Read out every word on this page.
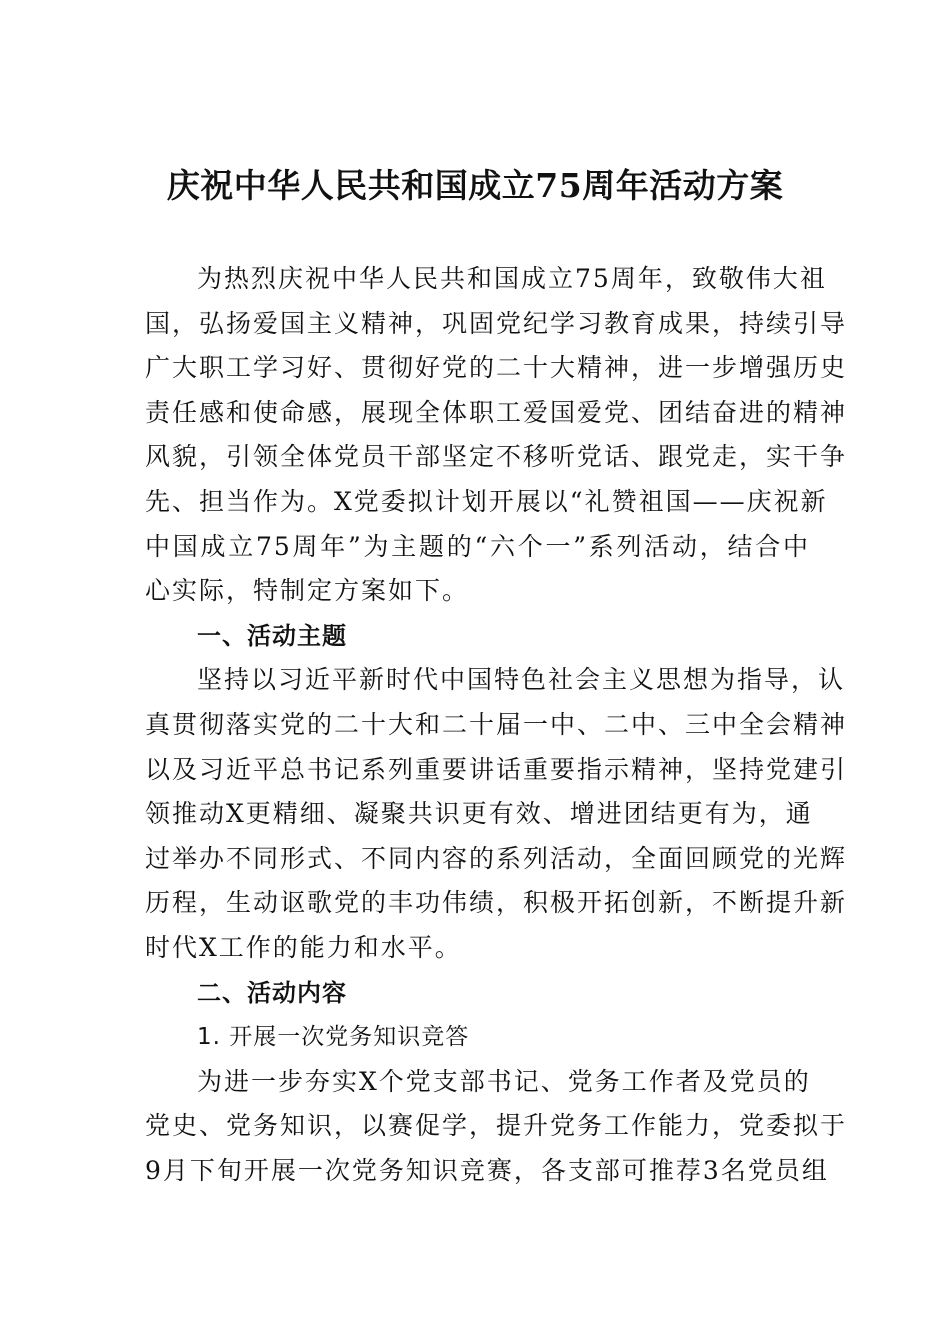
庆祝中华人民共和国成立75周年活动方案
为热烈庆祝中华人民共和国成立75周年，致敬伟大祖
国，弘扬爱国主义精神，巩固党纪学习教育成果，持续引导
广大职工学习好、贯彻好党的二十大精神，进一步增强历史
责任感和使命感，展现全体职工爱国爱党、团结奋进的精神
风貌，引领全体党员干部坚定不移听党话、跟党走，实干争
先、担当作为。X党委拟计划开展以“礼赞祖国——庆祝新
中国成立75周年”为主题的“六个一”系列活动，结合中
心实际，特制定方案如下。
一、活动主题
坚持以习近平新时代中国特色社会主义思想为指导，认
真贯彻落实党的二十大和二十届一中、二中、三中全会精神
以及习近平总书记系列重要讲话重要指示精神，坚持党建引
领推动X更精细、凝聚共识更有效、增进团结更有为，通
过举办不同形式、不同内容的系列活动，全面回顾党的光辉
历程，生动讴歌党的丰功伟绩，积极开拓创新，不断提升新
时代X工作的能力和水平。
二、活动内容
1. 开展一次党务知识竞答
为进一步夯实X个党支部书记、党务工作者及党员的
党史、党务知识，以赛促学，提升党务工作能力，党委拟于
9月下旬开展一次党务知识竞赛，各支部可推荐3名党员组
